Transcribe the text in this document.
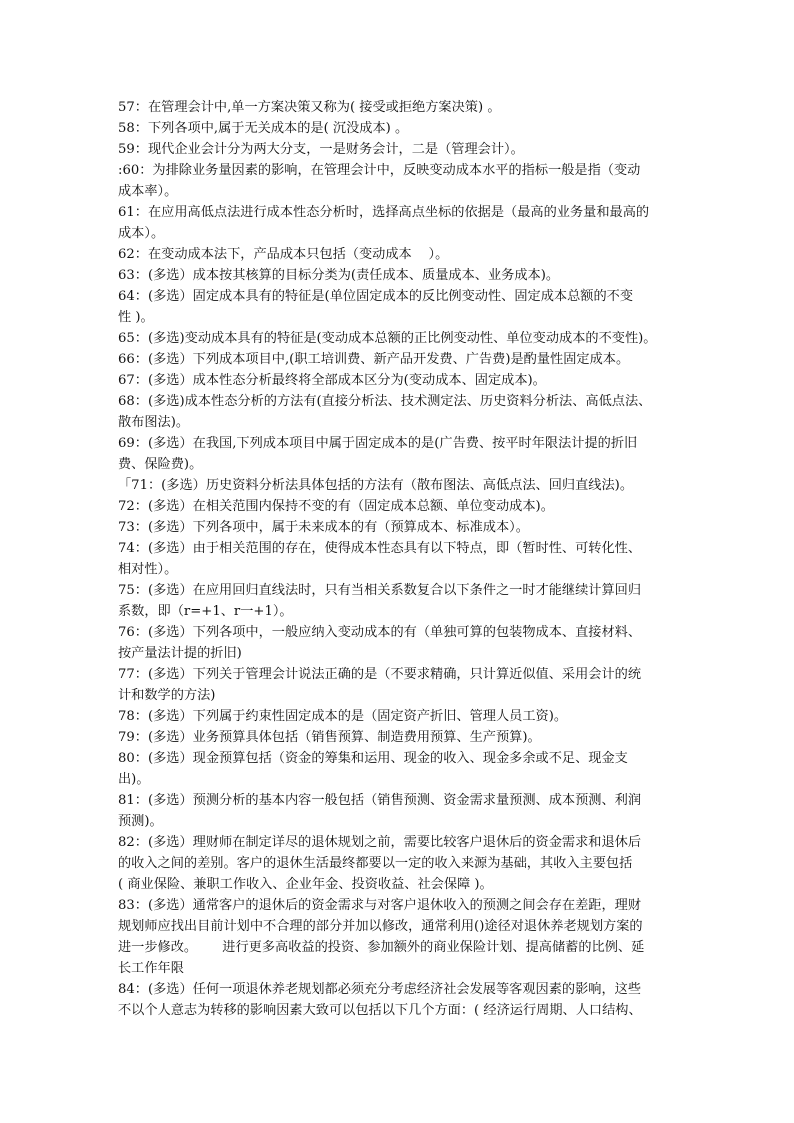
57：在管理会计中,单一方案决策又称为( 接受或拒绝方案决策) 。
58：下列各项中,属于无关成本的是( 沉没成本) 。
59：现代企业会计分为两大分支，一是财务会计，二是（管理会计）。
:60：为排除业务量因素的影响，在管理会计中，反映变动成本水平的指标一般是指（变动
成本率）。
61：在应用高低点法进行成本性态分析时，选择高点坐标的依据是（最高的业务量和最高的
成本）。
62：在变动成本法下，产品成本只包括（变动成本    ）。
63：(多选）成本按其核算的目标分类为(责任成本、质量成本、业务成本)。
64：(多选）固定成本具有的特征是(单位固定成本的反比例变动性、固定成本总额的不变
性 )。
65：(多选)变动成本具有的特征是(变动成本总额的正比例变动性、单位变动成本的不变性)。
66：(多选）下列成本项目中,(职工培训费、新产品开发费、广告费)是酌量性固定成本。
67：(多选）成本性态分析最终将全部成本区分为(变动成本、固定成本)。
68：(多选)成本性态分析的方法有(直接分析法、技术测定法、历史资料分析法、高低点法、
散布图法)。
69：(多选）在我国,下列成本项目中属于固定成本的是(广告费、按平时年限法计提的折旧
费、保险费)。
「71：(多选）历史资料分析法具体包括的方法有（散布图法、高低点法、回归直线法)。
72：(多选）在相关范围内保持不变的有（固定成本总额、单位变动成本)。
73：(多选）下列各项中，属于未来成本的有（预算成本、标准成本）。
74：(多选）由于相关范围的存在，使得成本性态具有以下特点，即（暂时性、可转化性、
相对性）。
75：(多选）在应用回归直线法时，只有当相关系数复合以下条件之一时才能继续计算回归
系数，即（r=+1、r一+1）。
76：(多选）下列各项中，一般应纳入变动成本的有（单独可算的包装物成本、直接材料、
按产量法计提的折旧)
77：(多选）下列关于管理会计说法正确的是（不要求精确，只计算近似值、采用会计的统
计和数学的方法)
78：(多选）下列属于约束性固定成本的是（固定资产折旧、管理人员工资)。
79：(多选）业务预算具体包括（销售预算、制造费用预算、生产预算)。
80：(多选）现金预算包括（资金的筹集和运用、现金的收入、现金多余或不足、现金支
出)。
81：(多选）预测分析的基本内容一般包括（销售预测、资金需求量预测、成本预测、利润
预测)。
82：(多选）理财师在制定详尽的退休规划之前，需要比较客户退休后的资金需求和退休后
的收入之间的差别。客户的退休生活最终都要以一定的收入来源为基础，其收入主要包括
( 商业保险、兼职工作收入、企业年金、投资收益、社会保障 )。
83：(多选）通常客户的退休后的资金需求与对客户退休收入的预测之间会存在差距，理财
规划师应找出目前计划中不合理的部分并加以修改，通常利用()途径对退休养老规划方案的
进一步修改。      进行更多高收益的投资、参加额外的商业保险计划、提高储蓄的比例、延
长工作年限
84：(多选）任何一项退休养老规划都必须充分考虑经济社会发展等客观因素的影响，这些
不以个人意志为转移的影响因素大致可以包括以下几个方面：( 经济运行周期、人口结构、
